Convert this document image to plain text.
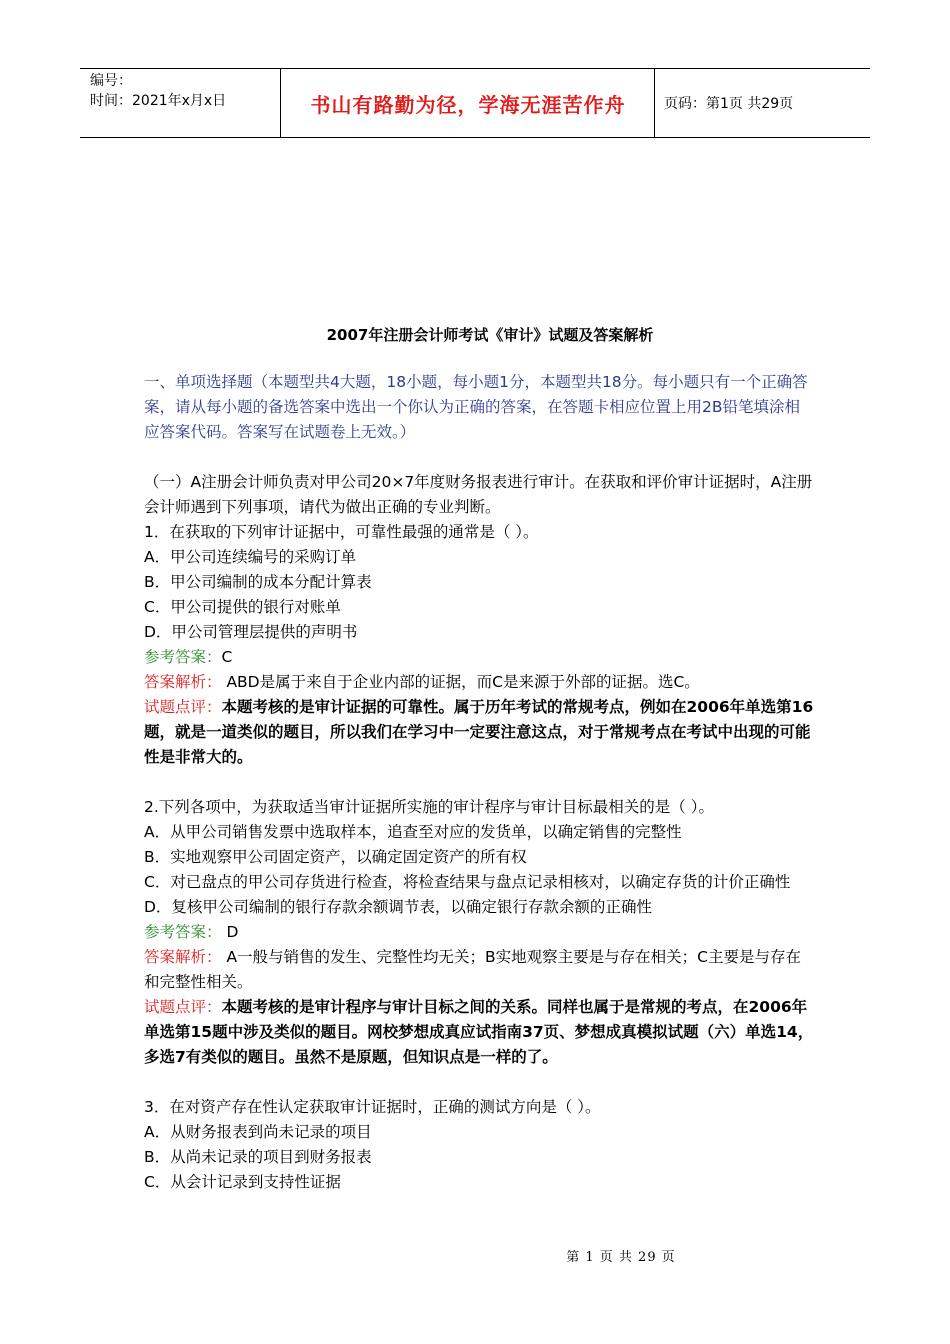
编号：
时间：2021年x月x日	书山有路勤为径，学海无涯苦作舟	页码：第1页 共29页
2007年注册会计师考试《审计》试题及答案解析

一、单项选择题（本题型共4大题，18小题，每小题1分，本题型共18分。每小题只有一个正确答案，请从每小题的备选答案中选出一个你认为正确的答案，在答题卡相应位置上用2B铅笔填涂相应答案代码。答案写在试题卷上无效。）

（一）A注册会计师负责对甲公司20×7年度财务报表进行审计。在获取和评价审计证据时，A注册会计师遇到下列事项，请代为做出正确的专业判断。

1．在获取的下列审计证据中，可靠性最强的通常是（ ）。

A．甲公司连续编号的采购订单

B．甲公司编制的成本分配计算表

C．甲公司提供的银行对账单

D．甲公司管理层提供的声明书

参考答案：C

答案解析： ABD是属于来自于企业内部的证据，而C是来源于外部的证据。选C。

试题点评：本题考核的是审计证据的可靠性。属于历年考试的常规考点，例如在2006年单选第16题，就是一道类似的题目，所以我们在学习中一定要注意这点，对于常规考点在考试中出现的可能性是非常大的。

2.下列各项中，为获取适当审计证据所实施的审计程序与审计目标最相关的是（ ）。

A．从甲公司销售发票中选取样本，追查至对应的发货单，以确定销售的完整性

B．实地观察甲公司固定资产，以确定固定资产的所有权

C．对已盘点的甲公司存货进行检查，将检查结果与盘点记录相核对，以确定存货的计价正确性

D．复核甲公司编制的银行存款余额调节表，以确定银行存款余额的正确性

参考答案： D

答案解析： A一般与销售的发生、完整性均无关；B实地观察主要是与存在相关；C主要是与存在和完整性相关。

试题点评：本题考核的是审计程序与审计目标之间的关系。同样也属于是常规的考点，在2006年单选第15题中涉及类似的题目。网校梦想成真应试指南37页、梦想成真模拟试题（六）单选14，多选7有类似的题目。虽然不是原题，但知识点是一样的了。

3．在对资产存在性认定获取审计证据时，正确的测试方向是（ ）。

A．从财务报表到尚未记录的项目

B．从尚未记录的项目到财务报表

C．从会计记录到支持性证据

第 1 页 共 29 页
